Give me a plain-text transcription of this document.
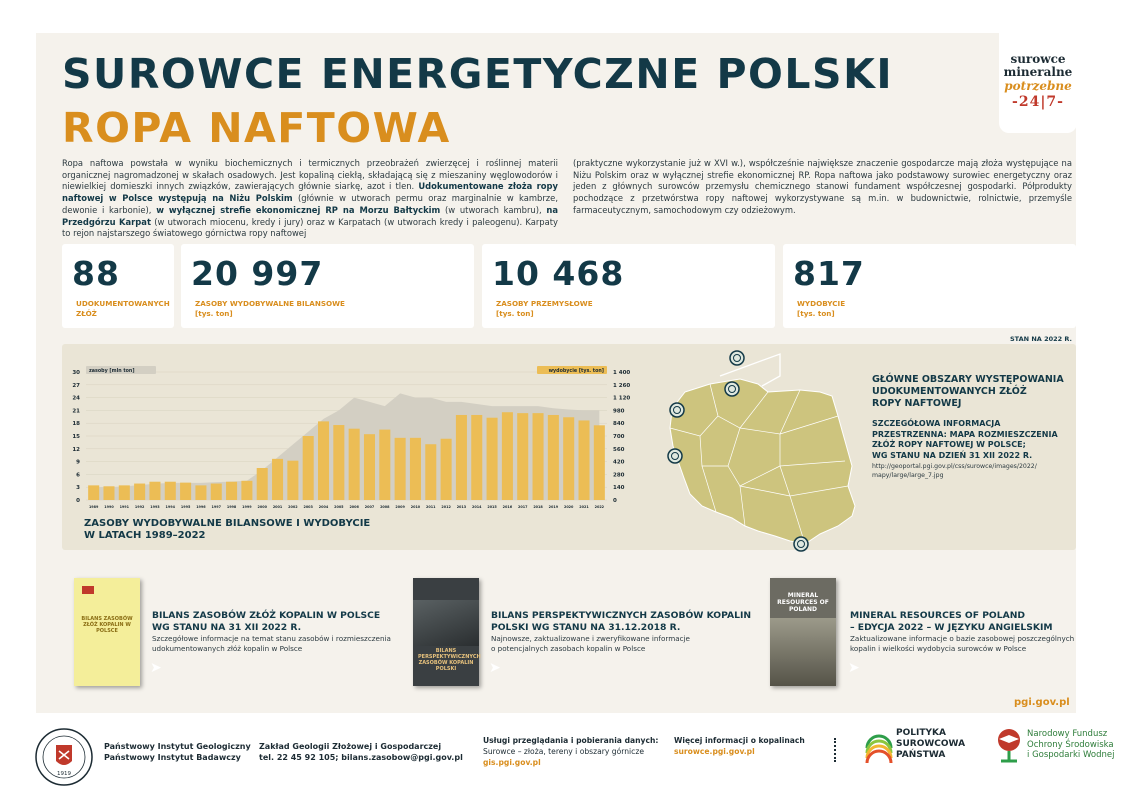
SUROWCE ENERGETYCZNE POLSKI
ROPA NAFTOWA
surowce
mineralne
potrzebne
-24|7-
Ropa naftowa powstała w wyniku biochemicznych i termicznych przeobrażeń zwierzęcej i roślinnej materii organicznej nagromadzonej w skałach osadowych. Jest kopaliną ciekłą, składającą się z mieszaniny węglowodorów i niewielkiej domieszki innych związków, zawierających głównie siarkę, azot i tlen. Udokumentowane złoża ropy naftowej w Polsce występują na Niżu Polskim (głównie w utworach permu oraz marginalnie w kambrze, dewonie i karbonie), w wyłącznej strefie ekonomicznej RP na Morzu Bałtyckim (w utworach kambru), na Przedgórzu Karpat (w utworach miocenu, kredy i jury) oraz w Karpatach (w utworach kredy i paleogenu). Karpaty to rejon najstarszego światowego górnictwa ropy naftowej
(praktyczne wykorzystanie już w XVI w.), współcześnie największe znaczenie gospodarcze mają złoża występujące na Niżu Polskim oraz w wyłącznej strefie ekonomicznej RP. Ropa naftowa jako podstawowy surowiec energetyczny oraz jeden z głównych surowców przemysłu chemicznego stanowi fundament współczesnej gospodarki. Półprodukty pochodzące z przetwórstwa ropy naftowej wykorzystywane są m.in. w budownictwie, rolnictwie, przemyśle farmaceutycznym, samochodowym czy odzieżowym.
88
UDOKUMENTOWANYCH
ZŁÓŻ
20 997
ZASOBY WYDOBYWALNE BILANSOWE
[tys. ton]
10 468
ZASOBY PRZEMYSŁOWE
[tys. ton]
817
WYDOBYCIE
[tys. ton]
STAN NA 2022 R.
0
3
6
9
12
15
18
21
24
27
30
0
140
280
420
560
700
840
980
1 120
1 260
1 400
1989 1990 1991 1992 1993 1994 1995 1996 1997 1998 1999 2000 2001 2002 2003 2004 2005 2006 2007 2008 2009 2010 2011 2012 2013 2014 2015 2016 2017 2018 2019 2020 2021 2022
zasoby [mln ton]	wydobycie [tys. ton]
ZASOBY WYDOBYWALNE BILANSOWE I WYDOBYCIE
W LATACH 1989–2022
GŁÓWNE OBSZARY WYSTĘPOWANIA
UDOKUMENTOWANYCH ZŁÓŻ
ROPY NAFTOWEJ
SZCZEGÓŁOWA INFORMACJA
PRZESTRZENNA: MAPA ROZMIESZCZENIA
ZŁÓŻ ROPY NAFTOWEJ W POLSCE;
WG STANU NA DZIEŃ 31 XII 2022 R.
http://geoportal.pgi.gov.pl/css/surowce/images/2022/
mapy/large/large_7.jpg
BILANS ZASOBÓW ZŁÓŻ KOPALIN W POLSCE
BILANS ZASOBÓW ZŁÓŻ KOPALIN W POLSCE
WG STANU NA 31 XII 2022 R.
Szczegółowe informacje na temat stanu zasobów i rozmieszczenia
udokumentowanych złóż kopalin w Polsce
➤
BILANS PERSPEKTYWICZNYCH ZASOBÓW KOPALIN POLSKI
BILANS PERSPEKTYWICZNYCH ZASOBÓW KOPALIN
POLSKI WG STANU NA 31.12.2018 R.
Najnowsze, zaktualizowane i zweryfikowane informacje
o potencjalnych zasobach kopalin w Polsce
➤
MINERAL RESOURCES OF POLAND
MINERAL RESOURCES OF POLAND
– EDYCJA 2022 – W JĘZYKU ANGIELSKIM
Zaktualizowane informacje o bazie zasobowej poszczególnych
kopalin i wielkości wydobycia surowców w Polsce
➤
pgi.gov.pl
1919
Państwowy Instytut Geologiczny
Państwowy Instytut Badawczy
Zakład Geologii Złożowej i Gospodarczej
tel. 22 45 92 105; bilans.zasobow@pgi.gov.pl
Usługi przeglądania i pobierania danych:
Surowce – złoża, tereny i obszary górnicze
gis.pgi.gov.pl
Więcej informacji o kopalinach
surowce.pgi.gov.pl
POLITYKA
SUROWCOWA
PAŃSTWA
Narodowy Fundusz
Ochrony Środowiska
i Gospodarki Wodnej
